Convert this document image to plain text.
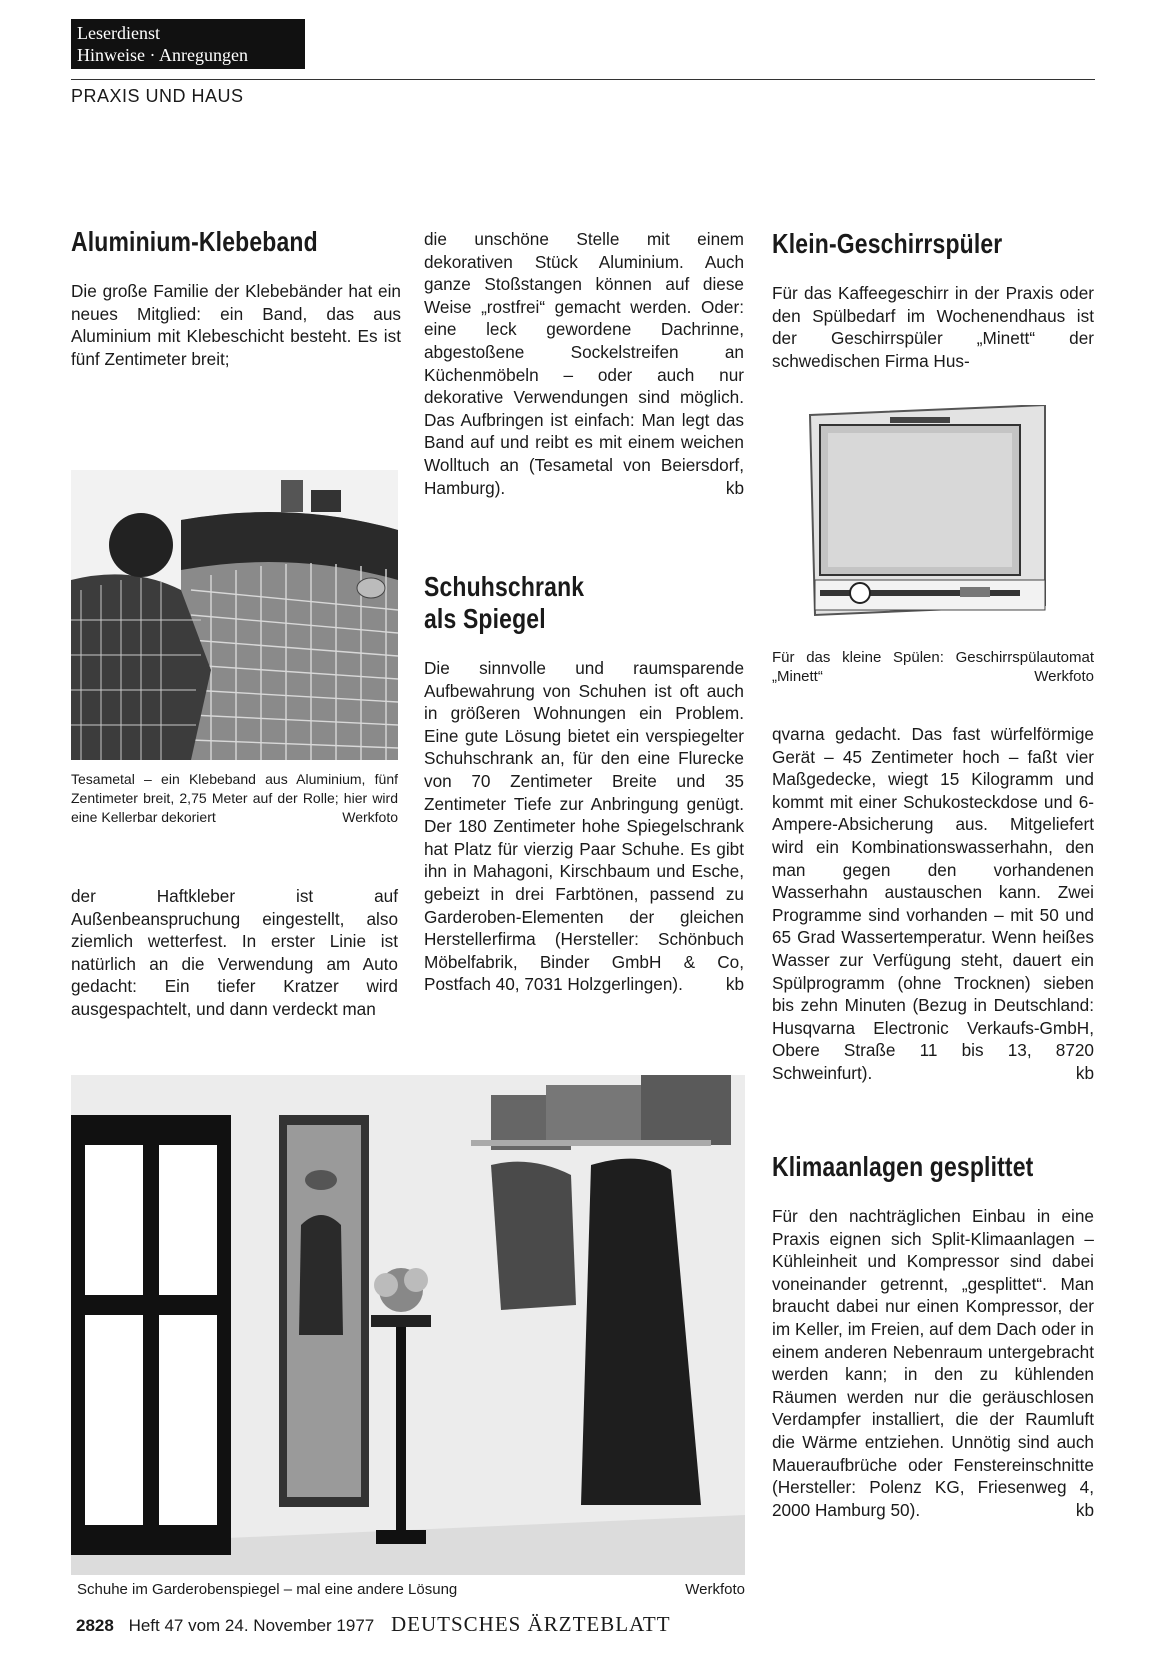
Leserdienst
Hinweise · Anregungen
PRAXIS UND HAUS
Aluminium-Klebeband

Die große Familie der Klebebänder hat ein neues Mitglied: ein Band, das aus Aluminium mit Klebeschicht besteht. Es ist fünf Zentimeter breit;

Tesametal – ein Klebeband aus Aluminium, fünf Zentimeter breit, 2,75 Meter auf der Rolle; hier wird eine Kellerbar dekoriert	Werkfoto

der Haftkleber ist auf Außenbeanspruchung eingestellt, also ziemlich wetterfest. In erster Linie ist natürlich an die Verwendung am Auto gedacht: Ein tiefer Kratzer wird ausgespachtelt, und dann verdeckt man

die unschöne Stelle mit einem dekorativen Stück Aluminium. Auch ganze Stoßstangen können auf diese Weise „rostfrei“ gemacht werden. Oder: eine leck gewordene Dachrinne, abgestoßene Sockelstreifen an Küchenmöbeln – oder auch nur dekorative Verwendungen sind möglich. Das Aufbringen ist einfach: Man legt das Band auf und reibt es mit einem weichen Wolltuch an (Tesametal von Beiersdorf, Hamburg).	kb
Schuhschrank
als Spiegel
Die sinnvolle und raumsparende Aufbewahrung von Schuhen ist oft auch in größeren Wohnungen ein Problem. Eine gute Lösung bietet ein verspiegelter Schuhschrank an, für den eine Flurecke von 70 Zentimeter Breite und 35 Zentimeter Tiefe zur Anbringung genügt. Der 180 Zentimeter hohe Spiegelschrank hat Platz für vierzig Paar Schuhe. Es gibt ihn in Mahagoni, Kirschbaum und Esche, gebeizt in drei Farbtönen, passend zu Garderoben-Elementen der gleichen Herstellerfirma (Hersteller: Schönbuch Möbelfabrik, Binder GmbH & Co, Postfach 40, 7031 Holzgerlingen). kb
Schuhe im Garderobenspiegel – mal eine andere Lösung	Werkfoto
Klein-Geschirrspüler

Für das Kaffeegeschirr in der Praxis oder den Spülbedarf im Wochenendhaus ist der Geschirrspüler „Minett“ der schwedischen Firma Hus-

Für das kleine Spülen: Geschirrspülautomat „Minett“	Werkfoto
qvarna gedacht. Das fast würfelförmige Gerät – 45 Zentimeter hoch – faßt vier Maßgedecke, wiegt 15 Kilogramm und kommt mit einer Schukosteckdose und 6-Ampere-Absicherung aus. Mitgeliefert wird ein Kombinationswasserhahn, den man gegen den vorhandenen Wasserhahn austauschen kann. Zwei Programme sind vorhanden – mit 50 und 65 Grad Wassertemperatur. Wenn heißes Wasser zur Verfügung steht, dauert ein Spülprogramm (ohne Trocknen) sieben bis zehn Minuten (Bezug in Deutschland: Husqvarna Electronic Verkaufs-GmbH, Obere Straße 11 bis 13, 8720 Schweinfurt).	kb
Klimaanlagen gesplittet
Für den nachträglichen Einbau in eine Praxis eignen sich Split-Klimaanlagen – Kühleinheit und Kompressor sind dabei voneinander getrennt, „gesplittet“. Man braucht dabei nur einen Kompressor, der im Keller, im Freien, auf dem Dach oder in einem anderen Nebenraum untergebracht werden kann; in den zu kühlenden Räumen werden nur die geräuschlosen Verdampfer installiert, die der Raumluft die Wärme entziehen. Unnötig sind auch Maueraufbrüche oder Fenstereinschnitte (Hersteller: Polenz KG, Friesenweg 4, 2000 Hamburg 50).	kb
2828 Heft 47 vom 24. November 1977 DEUTSCHES ÄRZTEBLATT
